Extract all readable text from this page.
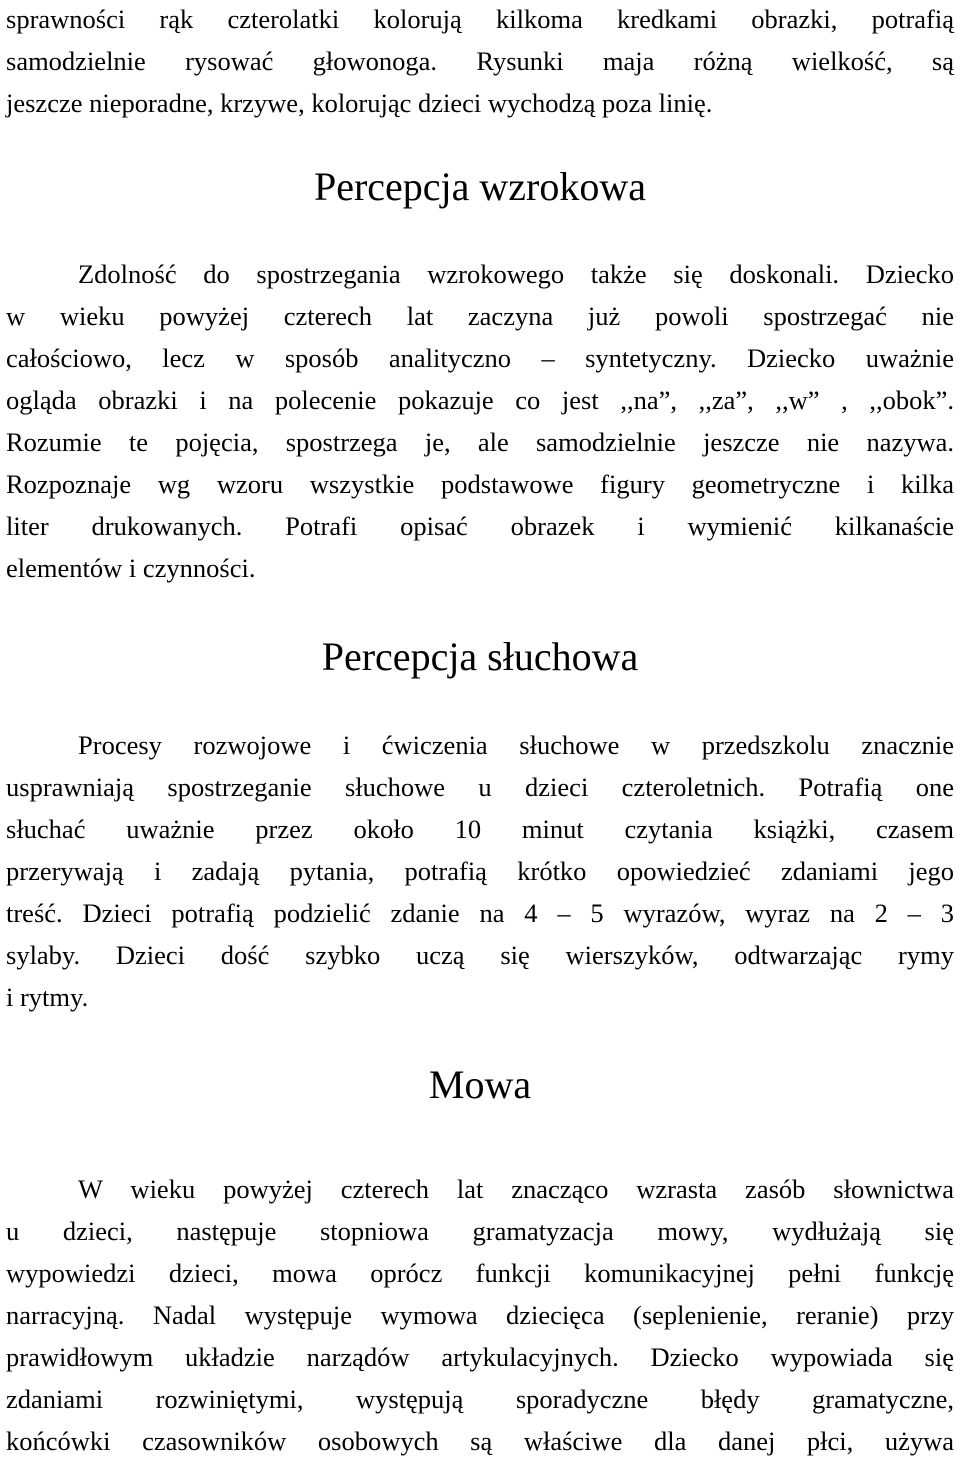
sprawności rąk czterolatki kolorują kilkoma kredkami obrazki, potrafią
samodzielnie rysować głowonoga. Rysunki maja różną wielkość, są
jeszcze nieporadne, krzywe, kolorując dzieci wychodzą poza linię.
Percepcja wzrokowa
Zdolność do spostrzegania wzrokowego także się doskonali. Dziecko
w wieku powyżej czterech lat zaczyna już powoli spostrzegać nie
całościowo, lecz w sposób analityczno – syntetyczny. Dziecko uważnie
ogląda obrazki i na polecenie pokazuje co jest ,,na”, ,,za”, ,,w” , ,,obok”.
Rozumie te pojęcia, spostrzega je, ale samodzielnie jeszcze nie nazywa.
Rozpoznaje wg wzoru wszystkie podstawowe figury geometryczne i kilka
liter drukowanych. Potrafi opisać obrazek i wymienić kilkanaście
elementów i czynności.
Percepcja słuchowa
Procesy rozwojowe i ćwiczenia słuchowe w przedszkolu znacznie
usprawniają spostrzeganie słuchowe u dzieci czteroletnich. Potrafią one
słuchać uważnie przez około 10 minut czytania książki, czasem
przerywają i zadają pytania, potrafią krótko opowiedzieć zdaniami jego
treść. Dzieci potrafią podzielić zdanie na 4 – 5 wyrazów, wyraz na 2 – 3
sylaby. Dzieci dość szybko uczą się wierszyków, odtwarzając rymy
i rytmy.
Mowa
W wieku powyżej czterech lat znacząco wzrasta zasób słownictwa
u dzieci, następuje stopniowa gramatyzacja mowy, wydłużają się
wypowiedzi dzieci, mowa oprócz funkcji komunikacyjnej pełni funkcję
narracyjną. Nadal występuje wymowa dziecięca (seplenienie, reranie) przy
prawidłowym układzie narządów artykulacyjnych. Dziecko wypowiada się
zdaniami rozwiniętymi, występują sporadyczne błędy gramatyczne,
końcówki czasowników osobowych są właściwe dla danej płci, używa
